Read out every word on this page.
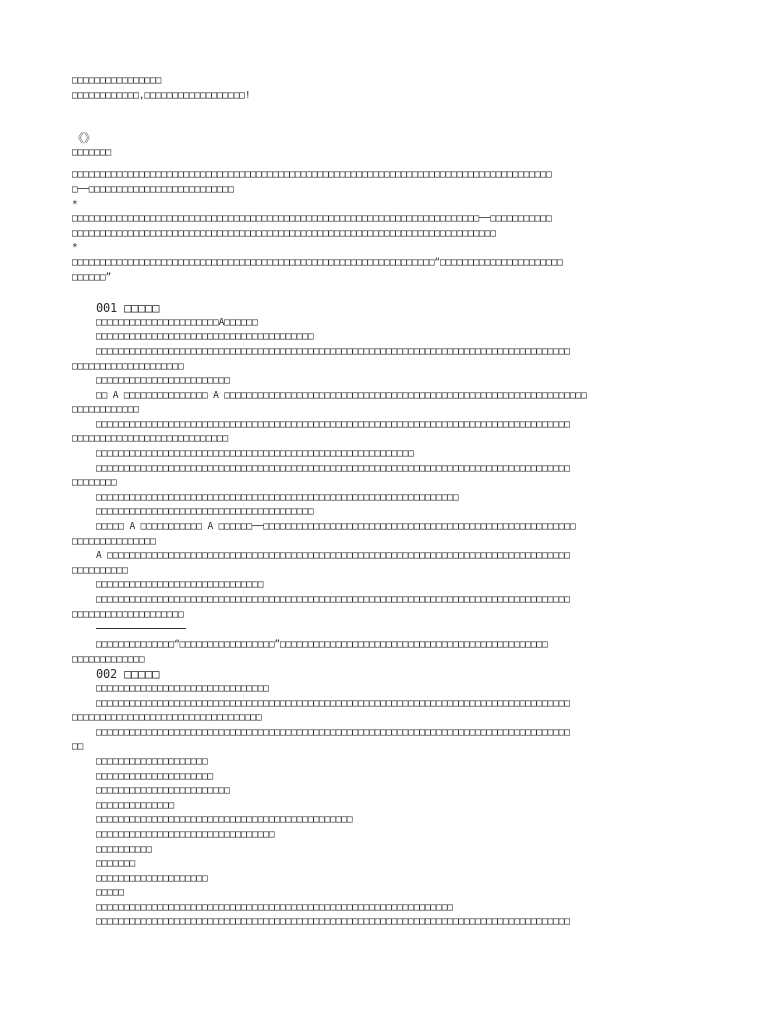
□□□□□□□□□□□□□□□□
□□□□□□□□□□□□,□□□□□□□□□□□□□□□□□□!
《》
□□□□□□□
□□□□□□□□□□□□□□□□□□□□□□□□□□□□□□□□□□□□□□□□□□□□□□□□□□□□□□□□□□□□□□□□□□□□□□□□□□□□□□□□□□□□□□
□──□□□□□□□□□□□□□□□□□□□□□□□□□□
*
□□□□□□□□□□□□□□□□□□□□□□□□□□□□□□□□□□□□□□□□□□□□□□□□□□□□□□□□□□□□□□□□□□□□□□□□□──□□□□□□□□□□□
□□□□□□□□□□□□□□□□□□□□□□□□□□□□□□□□□□□□□□□□□□□□□□□□□□□□□□□□□□□□□□□□□□□□□□□□□□□□
*
□□□□□□□□□□□□□□□□□□□□□□□□□□□□□□□□□□□□□□□□□□□□□□□□□□□□□□□□□□□□□□□□□“□□□□□□□□□□□□□□□□□□□□□□
□□□□□□”
001 □□□□□
□□□□□□□□□□□□□□□□□□□□□□A□□□□□□
□□□□□□□□□□□□□□□□□□□□□□□□□□□□□□□□□□□□□□□
□□□□□□□□□□□□□□□□□□□□□□□□□□□□□□□□□□□□□□□□□□□□□□□□□□□□□□□□□□□□□□□□□□□□□□□□□□□□□□□□□□□□□
□□□□□□□□□□□□□□□□□□□□
□□□□□□□□□□□□□□□□□□□□□□□□
□□ A □□□□□□□□□□□□□□□ A □□□□□□□□□□□□□□□□□□□□□□□□□□□□□□□□□□□□□□□□□□□□□□□□□□□□□□□□□□□□□□□□□
□□□□□□□□□□□□
□□□□□□□□□□□□□□□□□□□□□□□□□□□□□□□□□□□□□□□□□□□□□□□□□□□□□□□□□□□□□□□□□□□□□□□□□□□□□□□□□□□□□
□□□□□□□□□□□□□□□□□□□□□□□□□□□□
□□□□□□□□□□□□□□□□□□□□□□□□□□□□□□□□□□□□□□□□□□□□□□□□□□□□□□□□□
□□□□□□□□□□□□□□□□□□□□□□□□□□□□□□□□□□□□□□□□□□□□□□□□□□□□□□□□□□□□□□□□□□□□□□□□□□□□□□□□□□□□□
□□□□□□□□
□□□□□□□□□□□□□□□□□□□□□□□□□□□□□□□□□□□□□□□□□□□□□□□□□□□□□□□□□□□□□□□□□
□□□□□□□□□□□□□□□□□□□□□□□□□□□□□□□□□□□□□□□
□□□□□ A □□□□□□□□□□□ A □□□□□□──□□□□□□□□□□□□□□□□□□□□□□□□□□□□□□□□□□□□□□□□□□□□□□□□□□□□□□□□
□□□□□□□□□□□□□□□
A □□□□□□□□□□□□□□□□□□□□□□□□□□□□□□□□□□□□□□□□□□□□□□□□□□□□□□□□□□□□□□□□□□□□□□□□□□□□□□□□□□□
□□□□□□□□□□
□□□□□□□□□□□□□□□□□□□□□□□□□□□□□□
□□□□□□□□□□□□□□□□□□□□□□□□□□□□□□□□□□□□□□□□□□□□□□□□□□□□□□□□□□□□□□□□□□□□□□□□□□□□□□□□□□□□□
□□□□□□□□□□□□□□□□□□□□
□□□□□□□□□□□□□□“□□□□□□□□□□□□□□□□□”□□□□□□□□□□□□□□□□□□□□□□□□□□□□□□□□□□□□□□□□□□□□□□□□
□□□□□□□□□□□□□
002 □□□□□
□□□□□□□□□□□□□□□□□□□□□□□□□□□□□□□
□□□□□□□□□□□□□□□□□□□□□□□□□□□□□□□□□□□□□□□□□□□□□□□□□□□□□□□□□□□□□□□□□□□□□□□□□□□□□□□□□□□□□
□□□□□□□□□□□□□□□□□□□□□□□□□□□□□□□□□□
□□□□□□□□□□□□□□□□□□□□□□□□□□□□□□□□□□□□□□□□□□□□□□□□□□□□□□□□□□□□□□□□□□□□□□□□□□□□□□□□□□□□□
□□
□□□□□□□□□□□□□□□□□□□□
□□□□□□□□□□□□□□□□□□□□□
□□□□□□□□□□□□□□□□□□□□□□□□
□□□□□□□□□□□□□□
□□□□□□□□□□□□□□□□□□□□□□□□□□□□□□□□□□□□□□□□□□□□□□
□□□□□□□□□□□□□□□□□□□□□□□□□□□□□□□□
□□□□□□□□□□
□□□□□□□
□□□□□□□□□□□□□□□□□□□□
□□□□□
□□□□□□□□□□□□□□□□□□□□□□□□□□□□□□□□□□□□□□□□□□□□□□□□□□□□□□□□□□□□□□□□
□□□□□□□□□□□□□□□□□□□□□□□□□□□□□□□□□□□□□□□□□□□□□□□□□□□□□□□□□□□□□□□□□□□□□□□□□□□□□□□□□□□□□
